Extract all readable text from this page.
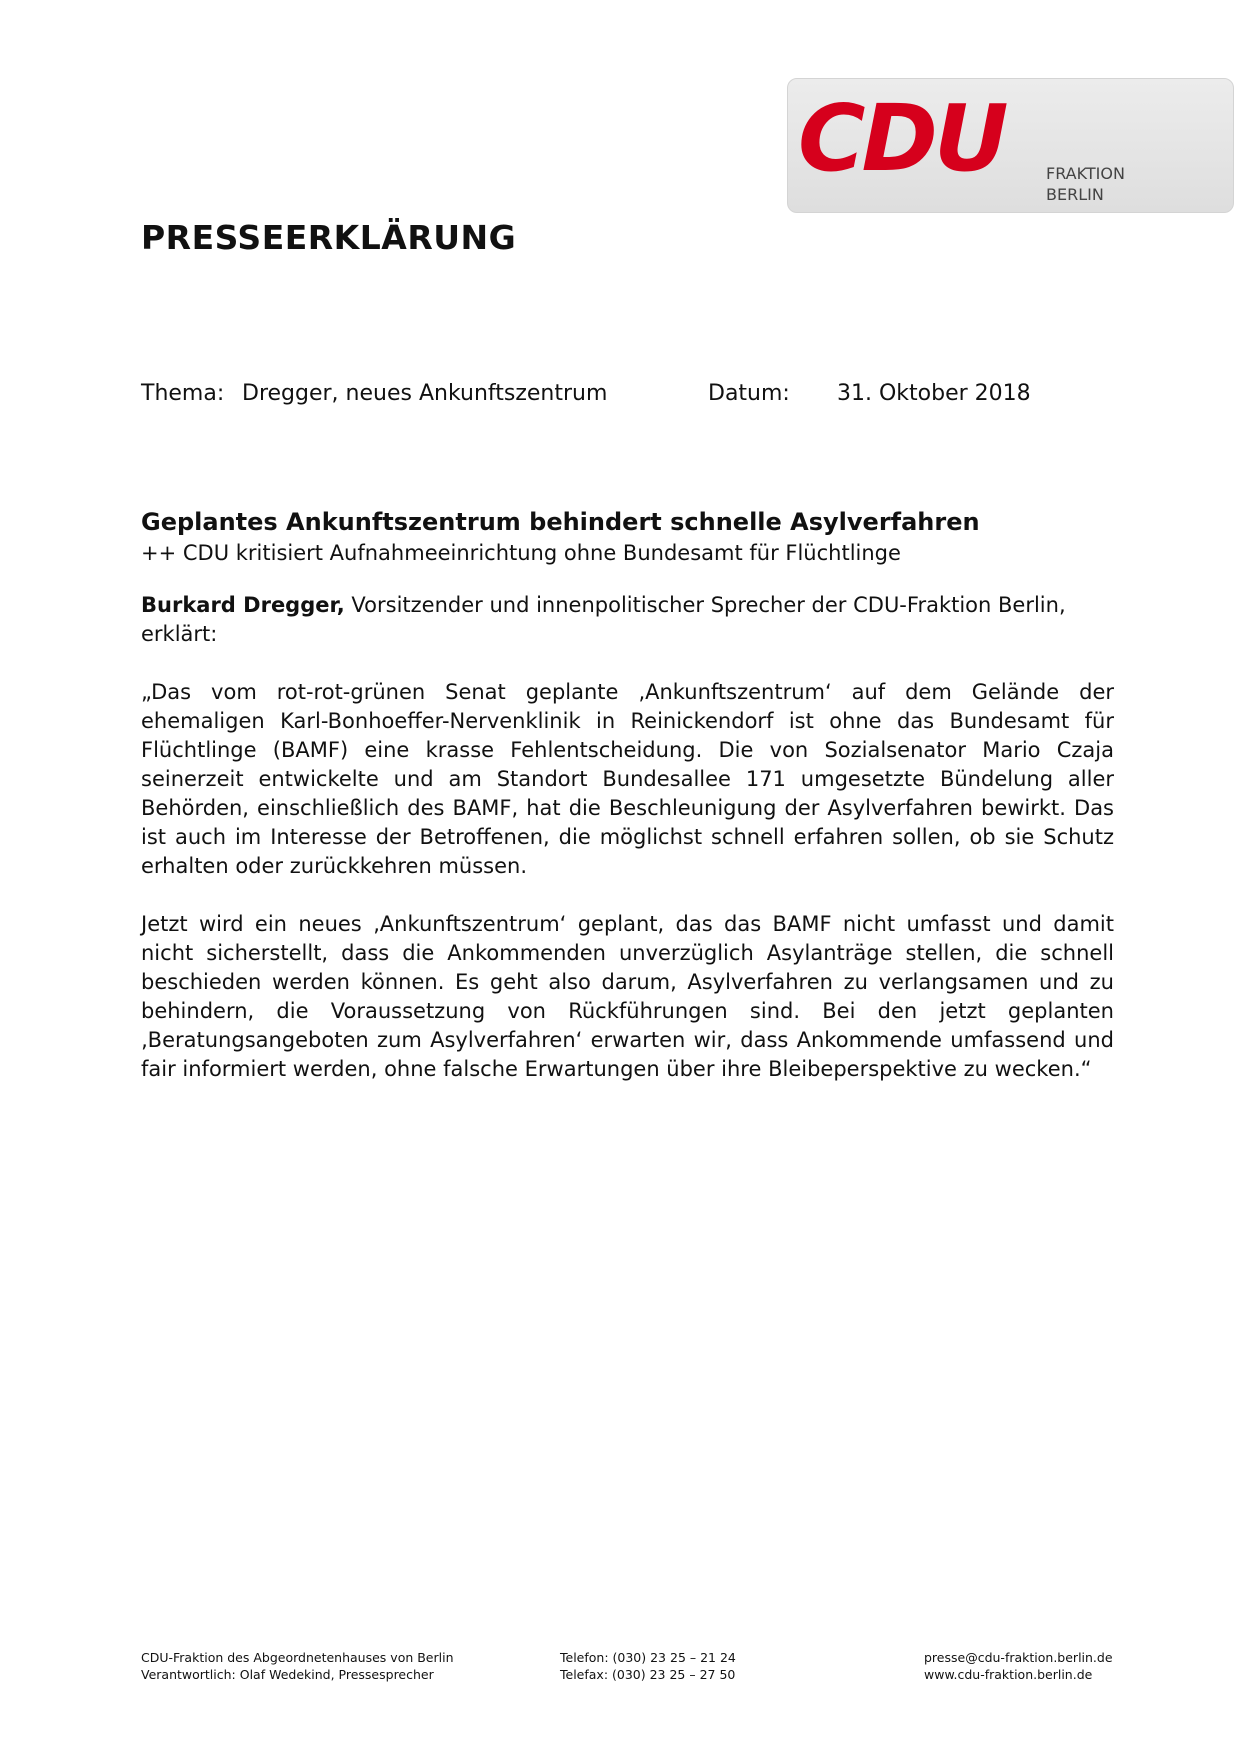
CDU	FRAKTION
BERLIN
PRESSEERKLÄRUNG
Thema: Dregger, neues Ankunftszentrum	Datum: 31. Oktober 2018
Geplantes Ankunftszentrum behindert schnelle Asylverfahren

++ CDU kritisiert Aufnahmeeinrichtung ohne Bundesamt für Flüchtlinge

Burkard Dregger, Vorsitzender und innenpolitischer Sprecher der CDU-Fraktion Berlin, erklärt:

„Das vom rot-rot-grünen Senat geplante ‚Ankunftszentrum‘ auf dem Gelände der ehemaligen Karl-Bonhoeffer-Nervenklinik in Reinickendorf ist ohne das Bundesamt für Flüchtlinge (BAMF) eine krasse Fehlentscheidung. Die von Sozialsenator Mario Czaja seinerzeit entwickelte und am Standort Bundesallee 171 umgesetzte Bündelung aller Behörden, einschließlich des BAMF, hat die Beschleunigung der Asylverfahren bewirkt. Das ist auch im Interesse der Betroffenen, die möglichst schnell erfahren sollen, ob sie Schutz erhalten oder zurückkehren müssen.

Jetzt wird ein neues ‚Ankunftszentrum‘ geplant, das das BAMF nicht umfasst und damit nicht sicherstellt, dass die Ankommenden unverzüglich Asylanträge stellen, die schnell beschieden werden können. Es geht also darum, Asylverfahren zu verlangsamen und zu behindern, die Voraussetzung von Rückführungen sind. Bei den jetzt geplanten ‚Beratungsangeboten zum Asylverfahren‘ erwarten wir, dass Ankommende umfassend und fair informiert werden, ohne falsche Erwartungen über ihre Bleibeperspektive zu wecken.“

CDU-Fraktion des Abgeordnetenhauses von Berlin
Verantwortlich: Olaf Wedekind, Pressesprecher
Telefon: (030) 23 25 – 21 24
Telefax: (030) 23 25 – 27 50
presse@cdu-fraktion.berlin.de
www.cdu-fraktion.berlin.de
